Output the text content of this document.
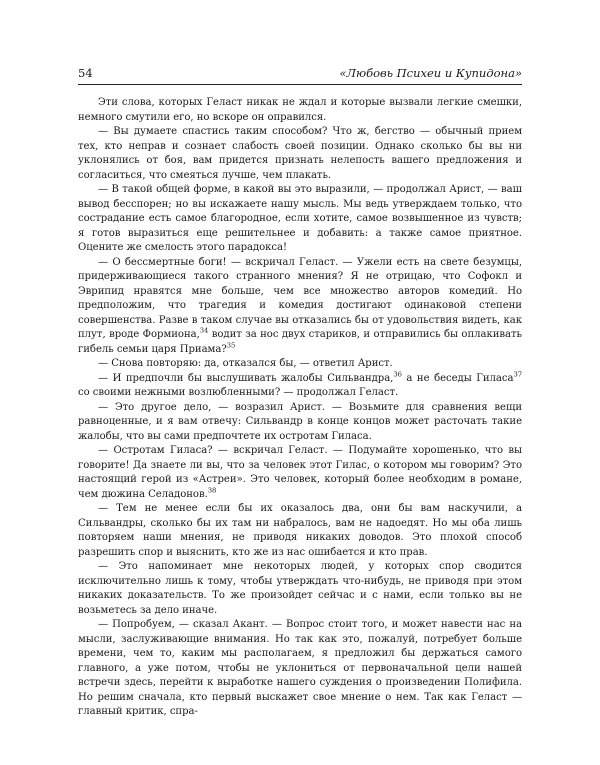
54	«Любовь Психеи и Купидона»

Эти слова, которых Геласт никак не ждал и которые вызвали легкие смешки, немного смутили его, но вскоре он оправился.

— Вы думаете спастись таким способом? Что ж, бегство — обычный прием тех, кто неправ и сознает слабость своей позиции. Однако сколько бы вы ни уклонялись от боя, вам придется признать нелепость вашего предложения и согласиться, что смеяться лучше, чем плакать.

— В такой общей форме, в какой вы это выразили, — продолжал Арист, — ваш вывод бесспорен; но вы искажаете нашу мысль. Мы ведь утверждаем только, что сострадание есть самое благородное, если хотите, самое возвышенное из чувств; я готов выразиться еще решительнее и добавить: а также самое приятное. Оцените же смелость этого парадокса!

— О бессмертные боги! — вскричал Геласт. — Ужели есть на свете безумцы, придерживающиеся такого странного мнения? Я не отрицаю, что Софокл и Эврипид нравятся мне больше, чем все множество авторов комедий. Но предположим, что трагедия и комедия достигают одинаковой степени совершенства. Разве в таком случае вы отказались бы от удовольствия видеть, как плут, вроде Формиона,$^{34}$ водит за нос двух стариков, и отправились бы оплакивать гибель семьи царя Приама?$^{35}$

— Снова повторяю: да, отказался бы, — ответил Арист.

— И предпочли бы выслушивать жалобы Сильвандра,$^{36}$ а не беседы Гиласа$^{37}$ со своими нежными возлюбленными? — продолжал Геласт.

— Это другое дело, — возразил Арист. — Возьмите для сравнения вещи равноценные, и я вам отвечу: Сильвандр в конце концов может расточать такие жалобы, что вы сами предпочтете их остротам Гиласа.

— Остротам Гиласа? — вскричал Геласт. — Подумайте хорошенько, что вы говорите! Да знаете ли вы, что за человек этот Гилас, о котором мы говорим? Это настоящий герой из «Астреи». Это человек, который более необходим в романе, чем дюжина Селадонов.$^{38}$

— Тем не менее если бы их оказалось два, они бы вам наскучили, а Сильвандры, сколько бы их там ни набралось, вам не надоедят. Но мы оба лишь повторяем наши мнения, не приводя никаких доводов. Это плохой способ разрешить спор и выяснить, кто же из нас ошибается и кто прав.

— Это напоминает мне некоторых людей, у которых спор сводится исключительно лишь к тому, чтобы утверждать что-нибудь, не приводя при этом никаких доказательств. То же произойдет сейчас и с нами, если только вы не возьметесь за дело иначе.

— Попробуем, — сказал Акант. — Вопрос стоит того, и может навести нас на мысли, заслуживающие внимания. Но так как это, пожалуй, потребует больше времени, чем то, каким мы располагаем, я предложил бы держаться самого главного, а уже потом, чтобы не уклониться от первоначальной цели нашей встречи здесь, перейти к выработке нашего суждения о произведении Полифила. Но решим сначала, кто первый выскажет свое мнение о нем. Так как Геласт — главный критик, спра-
